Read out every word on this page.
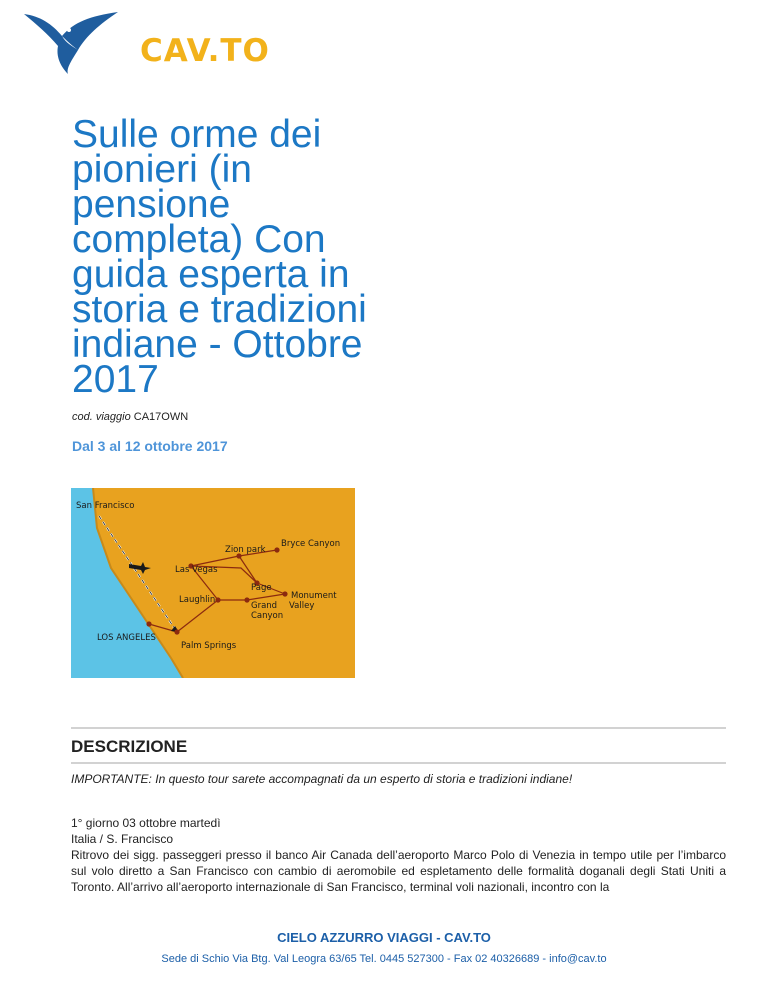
CAV.TO
Sulle orme dei pionieri (in pensione completa) Con guida esperta in storia e tradizioni indiane - Ottobre 2017
cod. viaggio CA17OWN
Dal 3 al 12 ottobre 2017
San Francisco
Zion park
Bryce Canyon
Las Vegas
Page
Laughlin
Grand
Canyon
Monument
Valley
LOS ANGELES
Palm Springs
DESCRIZIONE
IMPORTANTE: In questo tour sarete accompagnati da un esperto di storia e tradizioni indiane!
1° giorno 03 ottobre martedì
Italia / S. Francisco

Ritrovo dei sigg. passeggeri presso il banco Air Canada dell’aeroporto Marco Polo di Venezia in tempo utile per l’imbarco sul volo diretto a San Francisco con cambio di aeromobile ed espletamento delle formalità doganali degli Stati Uniti a Toronto. All’arrivo all’aeroporto internazionale di San Francisco, terminal voli nazionali, incontro con la

CIELO AZZURRO VIAGGI - CAV.TO
Sede di Schio Via Btg. Val Leogra 63/65 Tel. 0445 527300 - Fax 02 40326689 - info@cav.to
